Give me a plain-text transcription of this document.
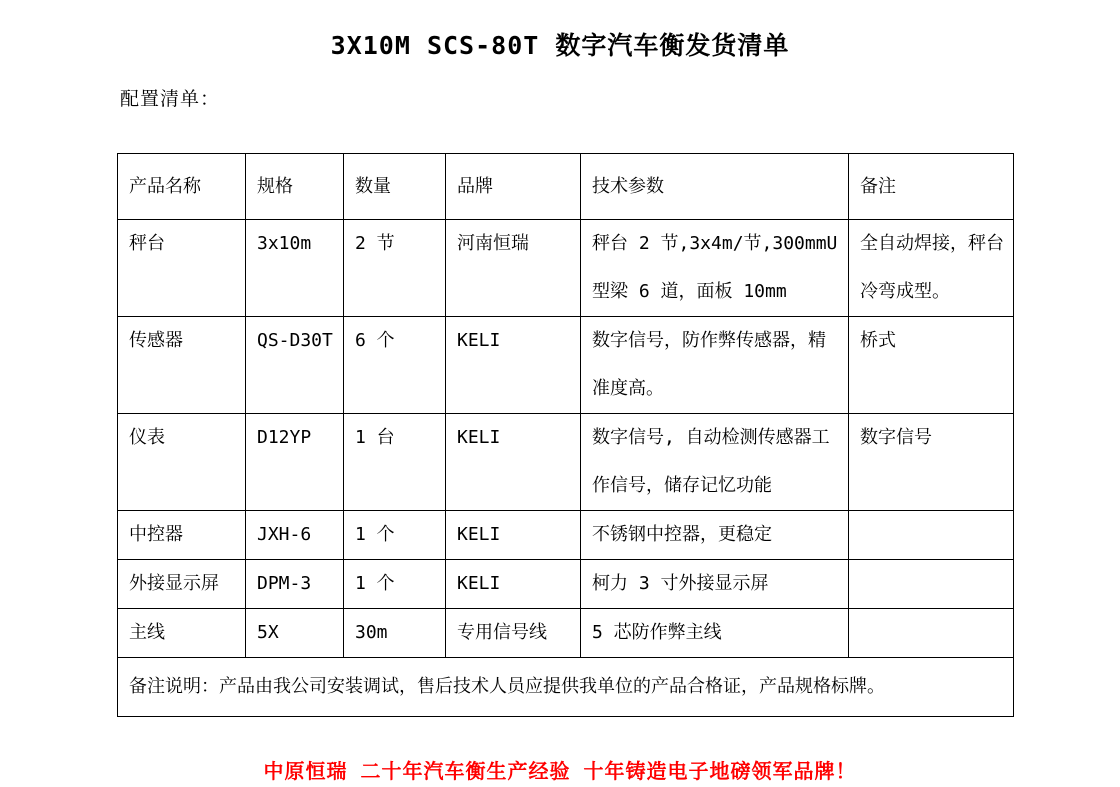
3X10M SCS-80T 数字汽车衡发货清单
配置清单：
产品名称	规格	数量	品牌	技术参数	备注
秤台	3x10m	2 节	河南恒瑞	秤台 2 节,3x4m/节,300mmU型梁 6 道，面板 10mm	全自动焊接，秤台冷弯成型。
传感器	QS-D30T	6 个	KELI	数字信号，防作弊传感器，精准度高。	桥式
仪表	D12YP	1 台	KELI	数字信号, 自动检测传感器工作信号，储存记忆功能	数字信号
中控器	JXH-6	1 个	KELI	不锈钢中控器，更稳定	
外接显示屏	DPM-3	1 个	KELI	柯力 3 寸外接显示屏	
主线	5X	30m	专用信号线	5 芯防作弊主线	
备注说明：产品由我公司安装调试，售后技术人员应提供我单位的产品合格证，产品规格标牌。					
中原恒瑞 二十年汽车衡生产经验 十年铸造电子地磅领军品牌！
